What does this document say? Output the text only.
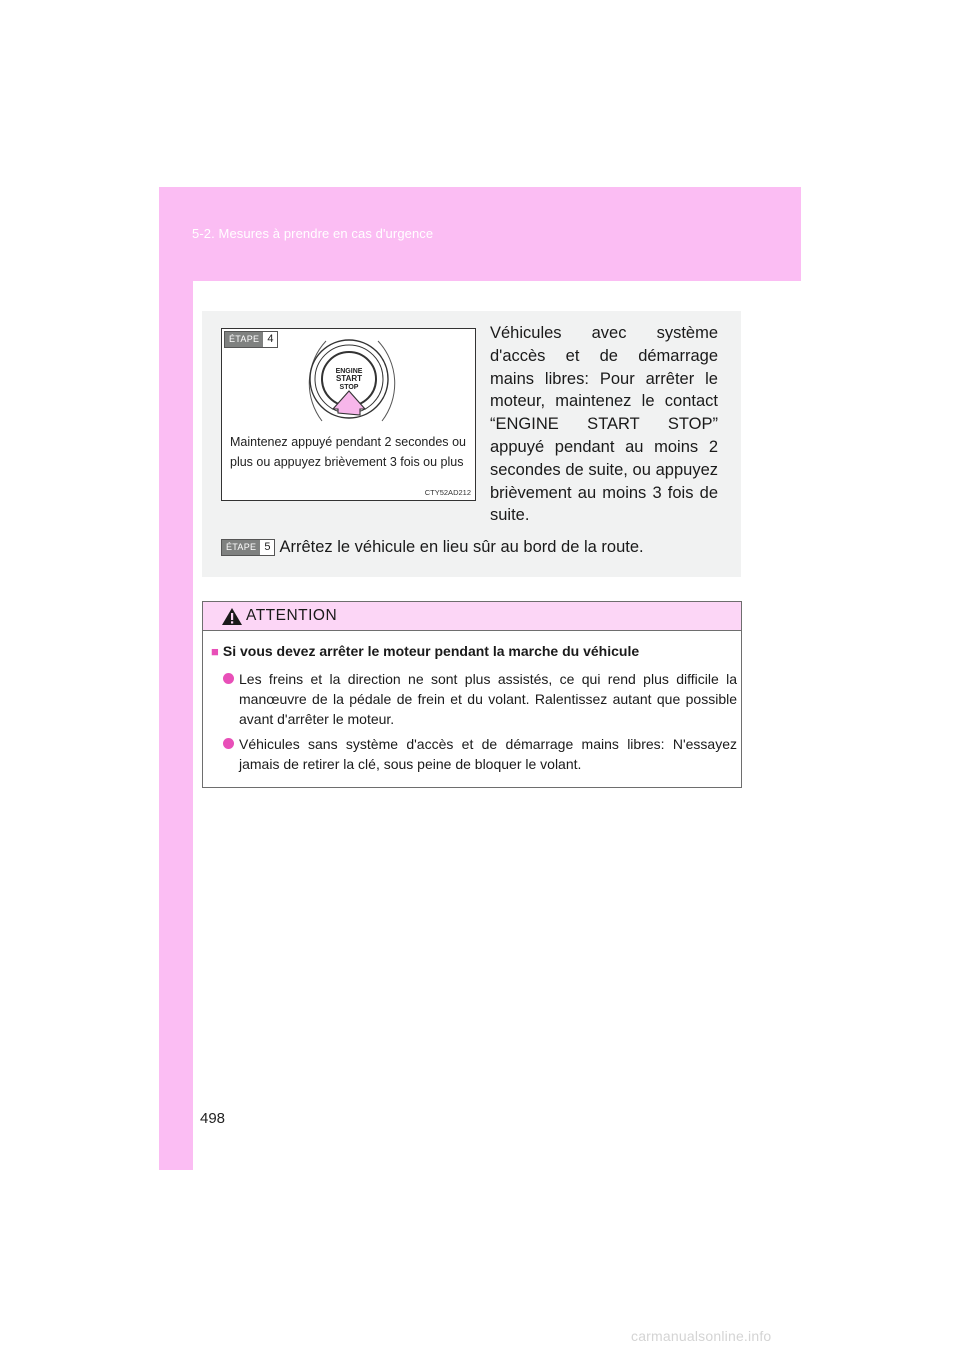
5-2. Mesures à prendre en cas d'urgence
ÉTAPE 4
ENGINE
START
STOP
Maintenez appuyé pendant 2 secondes ou plus ou appuyez brièvement 3 fois ou plus
CTY52AD212
Véhicules avec système d'accès et de démarrage mains libres: Pour arrêter le moteur, maintenez le contact “ENGINE START STOP” appuyé pendant au moins 2 secondes de suite, ou appuyez brièvement au moins 3 fois de suite.
ÉTAPE 5 Arrêtez le véhicule en lieu sûr au bord de la route.
ATTENTION
■ Si vous devez arrêter le moteur pendant la marche du véhicule
Les freins et la direction ne sont plus assistés, ce qui rend plus difficile la manœuvre de la pédale de frein et du volant. Ralentissez autant que possible avant d'arrêter le moteur.
Véhicules sans système d'accès et de démarrage mains libres: N'essayez jamais de retirer la clé, sous peine de bloquer le volant.
498
carmanualsonline.info
